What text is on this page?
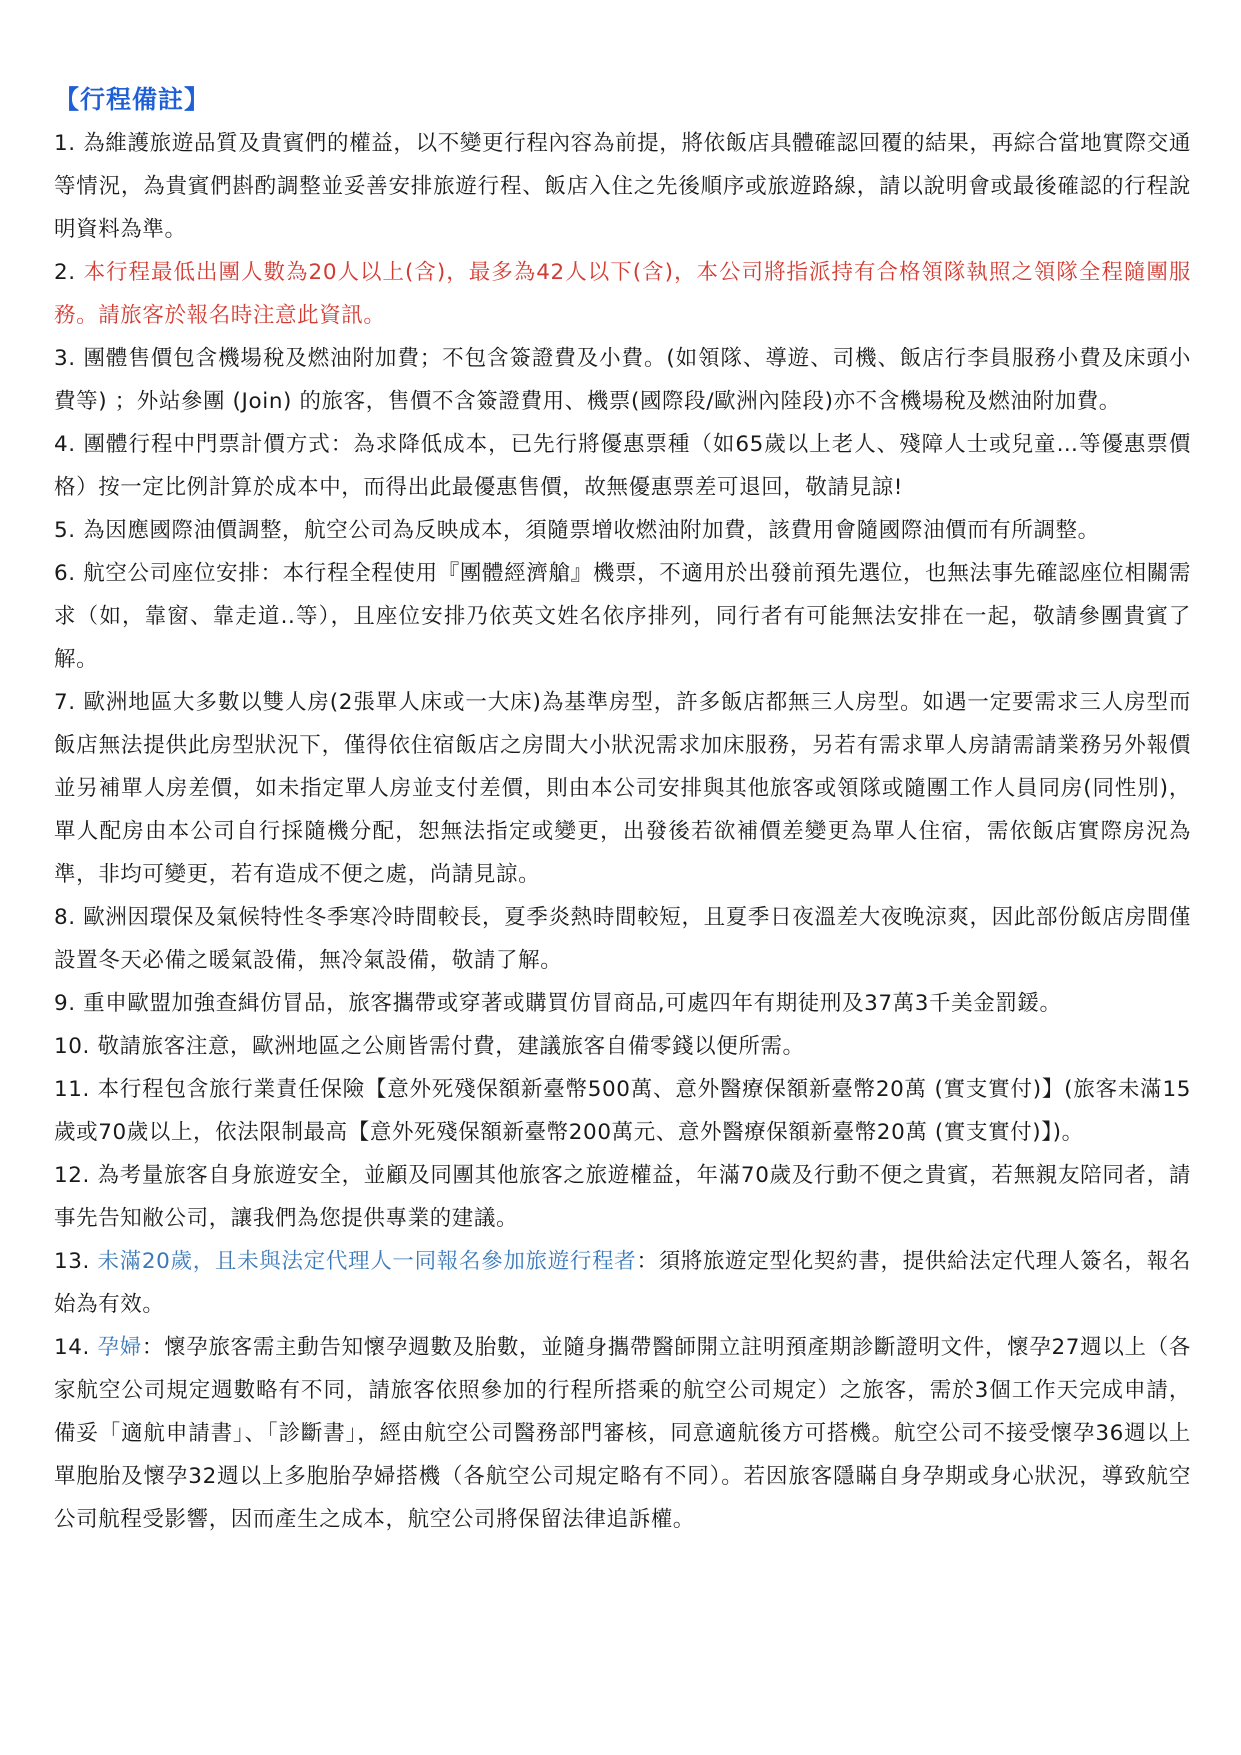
【行程備註】

1. 為維護旅遊品質及貴賓們的權益，以不變更行程內容為前提，將依飯店具體確認回覆的結果，再綜合當地實際交通等情況，為貴賓們斟酌調整並妥善安排旅遊行程、飯店入住之先後順序或旅遊路線，請以說明會或最後確認的行程說明資料為準。

2. 本行程最低出團人數為20人以上(含)，最多為42人以下(含)，本公司將指派持有合格領隊執照之領隊全程隨團服務。請旅客於報名時注意此資訊。

3. 團體售價包含機場稅及燃油附加費；不包含簽證費及小費。(如領隊、導遊、司機、飯店行李員服務小費及床頭小費等) ；外站參團 (Join) 的旅客，售價不含簽證費用、機票(國際段/歐洲內陸段)亦不含機場稅及燃油附加費。

4. 團體行程中門票計價方式：為求降低成本，已先行將優惠票種（如65歲以上老人、殘障人士或兒童…等優惠票價格）按一定比例計算於成本中，而得出此最優惠售價，故無優惠票差可退回，敬請見諒!

5. 為因應國際油價調整，航空公司為反映成本，須隨票增收燃油附加費，該費用會隨國際油價而有所調整。

6. 航空公司座位安排：本行程全程使用『團體經濟艙』機票，不適用於出發前預先選位，也無法事先確認座位相關需求（如，靠窗、靠走道..等），且座位安排乃依英文姓名依序排列，同行者有可能無法安排在一起，敬請參團貴賓了解。

7. 歐洲地區大多數以雙人房(2張單人床或一大床)為基準房型，許多飯店都無三人房型。如遇一定要需求三人房型而飯店無法提供此房型狀況下，僅得依住宿飯店之房間大小狀況需求加床服務，另若有需求單人房請需請業務另外報價並另補單人房差價，如未指定單人房並支付差價，則由本公司安排與其他旅客或領隊或隨團工作人員同房(同性別)，單人配房由本公司自行採隨機分配，恕無法指定或變更，出發後若欲補價差變更為單人住宿，需依飯店實際房況為準，非均可變更，若有造成不便之處，尚請見諒。

8. 歐洲因環保及氣候特性冬季寒冷時間較長，夏季炎熱時間較短，且夏季日夜溫差大夜晚涼爽，因此部份飯店房間僅設置冬天必備之暖氣設備，無冷氣設備，敬請了解。

9. 重申歐盟加強查緝仿冒品，旅客攜帶或穿著或購買仿冒商品,可處四年有期徒刑及37萬3千美金罰鍰。

10. 敬請旅客注意，歐洲地區之公廁皆需付費，建議旅客自備零錢以便所需。

11. 本行程包含旅行業責任保險【意外死殘保額新臺幣500萬、意外醫療保額新臺幣20萬 (實支實付)】(旅客未滿15歲或70歲以上，依法限制最高【意外死殘保額新臺幣200萬元、意外醫療保額新臺幣20萬 (實支實付)】)。

12. 為考量旅客自身旅遊安全，並顧及同團其他旅客之旅遊權益，年滿70歲及行動不便之貴賓，若無親友陪同者，請事先告知敝公司，讓我們為您提供專業的建議。

13. 未滿20歲，且未與法定代理人一同報名參加旅遊行程者：須將旅遊定型化契約書，提供給法定代理人簽名，報名始為有效。

14. 孕婦：懷孕旅客需主動告知懷孕週數及胎數，並隨身攜帶醫師開立註明預產期診斷證明文件，懷孕27週以上（各家航空公司規定週數略有不同，請旅客依照參加的行程所搭乘的航空公司規定）之旅客，需於3個工作天完成申請，備妥「適航申請書」、「診斷書」，經由航空公司醫務部門審核，同意適航後方可搭機。航空公司不接受懷孕36週以上單胞胎及懷孕32週以上多胞胎孕婦搭機（各航空公司規定略有不同）。若因旅客隱瞞自身孕期或身心狀況，導致航空公司航程受影響，因而產生之成本，航空公司將保留法律追訴權。
